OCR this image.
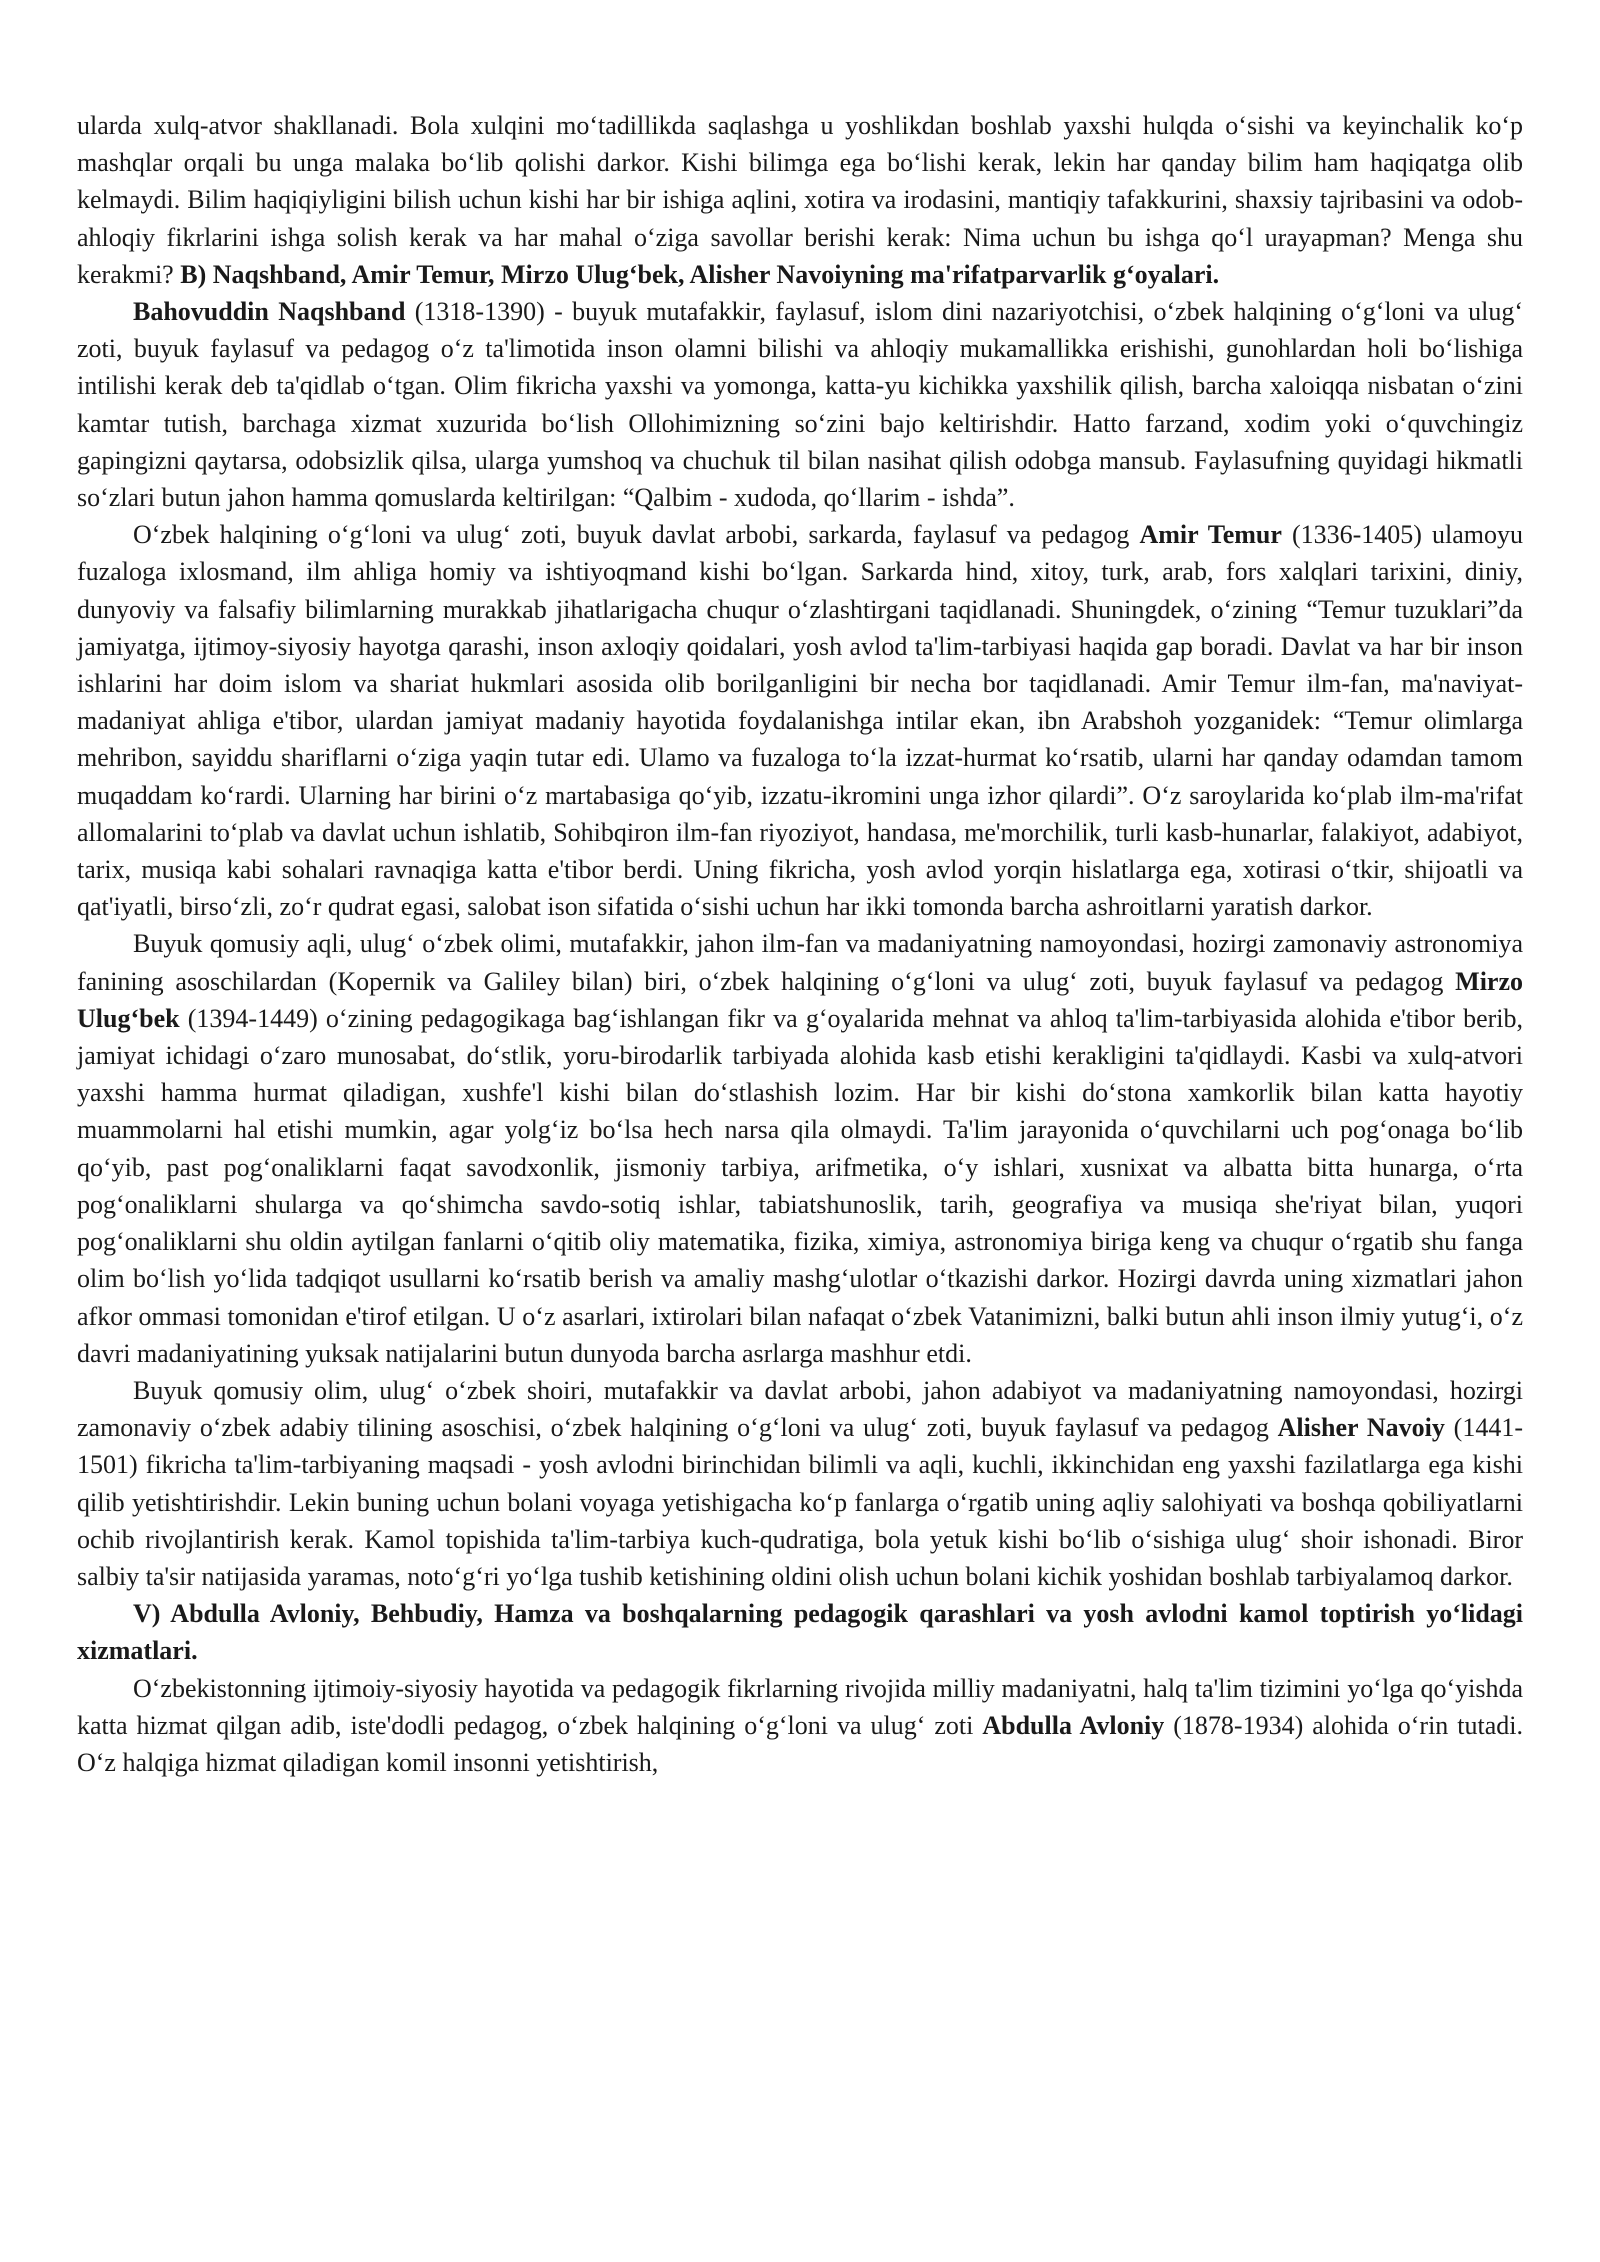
ularda xulq-atvor shakllanadi. Bola xulqini mo‘tadillikda saqlashga u yoshlikdan boshlab yaxshi hulqda o‘sishi va keyinchalik ko‘p mashqlar orqali bu unga malaka bo‘lib qolishi darkor. Kishi bilimga ega bo‘lishi kerak, lekin har qanday bilim ham haqiqatga olib kelmaydi. Bilim haqiqiyligini bilish uchun kishi har bir ishiga aqlini, xotira va irodasini, mantiqiy tafakkurini, shaxsiy tajribasini va odob-ahloqiy fikrlarini ishga solish kerak va har mahal o‘ziga savollar berishi kerak: Nima uchun bu ishga qo‘l urayapman? Menga shu kerakmi? B) Naqshband, Amir Temur, Mirzo Ulug‘bek, Alisher Navoiyning ma'rifatparvarlik g‘oyalari.

Bahovuddin Naqshband (1318-1390) - buyuk mutafakkir, faylasuf, islom dini nazariyotchisi, o‘zbek halqining o‘g‘loni va ulug‘ zoti, buyuk faylasuf va pedagog o‘z ta'limotida inson olamni bilishi va ahloqiy mukamallikka erishishi, gunohlardan holi bo‘lishiga intilishi kerak deb ta'qidlab o‘tgan. Olim fikricha yaxshi va yomonga, katta-yu kichikka yaxshilik qilish, barcha xaloiqqa nisbatan o‘zini kamtar tutish, barchaga xizmat xuzurida bo‘lish Ollohimizning so‘zini bajo keltirishdir. Hatto farzand, xodim yoki o‘quvchingiz gapingizni qaytarsa, odobsizlik qilsa, ularga yumshoq va chuchuk til bilan nasihat qilish odobga mansub. Faylasufning quyidagi hikmatli so‘zlari butun jahon hamma qomuslarda keltirilgan: “Qalbim - xudoda, qo‘llarim - ishda”.

O‘zbek halqining o‘g‘loni va ulug‘ zoti, buyuk davlat arbobi, sarkarda, faylasuf va pedagog Amir Temur (1336-1405) ulamoyu fuzaloga ixlosmand, ilm ahliga homiy va ishtiyoqmand kishi bo‘lgan. Sarkarda hind, xitoy, turk, arab, fors xalqlari tarixini, diniy, dunyoviy va falsafiy bilimlarning murakkab jihatlarigacha chuqur o‘zlashtirgani taqidlanadi. Shuningdek, o‘zining “Temur tuzuklari”da jamiyatga, ijtimoy-siyosiy hayotga qarashi, inson axloqiy qoidalari, yosh avlod ta'lim-tarbiyasi haqida gap boradi. Davlat va har bir inson ishlarini har doim islom va shariat hukmlari asosida olib borilganligini bir necha bor taqidlanadi. Amir Temur ilm-fan, ma'naviyat-madaniyat ahliga e'tibor, ulardan jamiyat madaniy hayotida foydalanishga intilar ekan, ibn Arabshoh yozganidek: “Temur olimlarga mehribon, sayiddu shariflarni o‘ziga yaqin tutar edi. Ulamo va fuzaloga to‘la izzat-hurmat ko‘rsatib, ularni har qanday odamdan tamom muqaddam ko‘rardi. Ularning har birini o‘z martabasiga qo‘yib, izzatu-ikromini unga izhor qilardi”. O‘z saroylarida ko‘plab ilm-ma'rifat allomalarini to‘plab va davlat uchun ishlatib, Sohibqiron ilm-fan riyoziyot, handasa, me'morchilik, turli kasb-hunarlar, falakiyot, adabiyot, tarix, musiqa kabi sohalari ravnaqiga katta e'tibor berdi. Uning fikricha, yosh avlod yorqin hislatlarga ega, xotirasi o‘tkir, shijoatli va qat'iyatli, birso‘zli, zo‘r qudrat egasi, salobat ison sifatida o‘sishi uchun har ikki tomonda barcha ashroitlarni yaratish darkor.

Buyuk qomusiy aqli, ulug‘ o‘zbek olimi, mutafakkir, jahon ilm-fan va madaniyatning namoyondasi, hozirgi zamonaviy astronomiya fanining asoschilardan (Kopernik va Galiley bilan) biri, o‘zbek halqining o‘g‘loni va ulug‘ zoti, buyuk faylasuf va pedagog Mirzo Ulug‘bek (1394-1449) o‘zining pedagogikaga bag‘ishlangan fikr va g‘oyalarida mehnat va ahloq ta'lim-tarbiyasida alohida e'tibor berib, jamiyat ichidagi o‘zaro munosabat, do‘stlik, yoru-birodarlik tarbiyada alohida kasb etishi kerakligini ta'qidlaydi. Kasbi va xulq-atvori yaxshi hamma hurmat qiladigan, xushfe'l kishi bilan do‘stlashish lozim. Har bir kishi do‘stona xamkorlik bilan katta hayotiy muammolarni hal etishi mumkin, agar yolg‘iz bo‘lsa hech narsa qila olmaydi. Ta'lim jarayonida o‘quvchilarni uch pog‘onaga bo‘lib qo‘yib, past pog‘onaliklarni faqat savodxonlik, jismoniy tarbiya, arifmetika, o‘y ishlari, xusnixat va albatta bitta hunarga, o‘rta pog‘onaliklarni shularga va qo‘shimcha savdo-sotiq ishlar, tabiatshunoslik, tarih, geografiya va musiqa she'riyat bilan, yuqori pog‘onaliklarni shu oldin aytilgan fanlarni o‘qitib oliy matematika, fizika, ximiya, astronomiya biriga keng va chuqur o‘rgatib shu fanga olim bo‘lish yo‘lida tadqiqot usullarni ko‘rsatib berish va amaliy mashg‘ulotlar o‘tkazishi darkor. Hozirgi davrda uning xizmatlari jahon afkor ommasi tomonidan e'tirof etilgan. U o‘z asarlari, ixtirolari bilan nafaqat o‘zbek Vatanimizni, balki butun ahli inson ilmiy yutug‘i, o‘z davri madaniyatining yuksak natijalarini butun dunyoda barcha asrlarga mashhur etdi.

Buyuk qomusiy olim, ulug‘ o‘zbek shoiri, mutafakkir va davlat arbobi, jahon adabiyot va madaniyatning namoyondasi, hozirgi zamonaviy o‘zbek adabiy tilining asoschisi, o‘zbek halqining o‘g‘loni va ulug‘ zoti, buyuk faylasuf va pedagog Alisher Navoiy (1441-1501) fikricha ta'lim-tarbiyaning maqsadi - yosh avlodni birinchidan bilimli va aqli, kuchli, ikkinchidan eng yaxshi fazilatlarga ega kishi qilib yetishtirishdir. Lekin buning uchun bolani voyaga yetishigacha ko‘p fanlarga o‘rgatib uning aqliy salohiyati va boshqa qobiliyatlarni ochib rivojlantirish kerak. Kamol topishida ta'lim-tarbiya kuch-qudratiga, bola yetuk kishi bo‘lib o‘sishiga ulug‘ shoir ishonadi. Biror salbiy ta'sir natijasida yaramas, noto‘g‘ri yo‘lga tushib ketishining oldini olish uchun bolani kichik yoshidan boshlab tarbiyalamoq darkor.

V) Abdulla Avloniy, Behbudiy, Hamza va boshqalarning pedagogik qarashlari va yosh avlodni kamol toptirish yo‘lidagi xizmatlari.

O‘zbekistonning ijtimoiy-siyosiy hayotida va pedagogik fikrlarning rivojida milliy madaniyatni, halq ta'lim tizimini yo‘lga qo‘yishda katta hizmat qilgan adib, iste'dodli pedagog, o‘zbek halqining o‘g‘loni va ulug‘ zoti Abdulla Avloniy (1878-1934) alohida o‘rin tutadi. O‘z halqiga hizmat qiladigan komil insonni yetishtirish,
